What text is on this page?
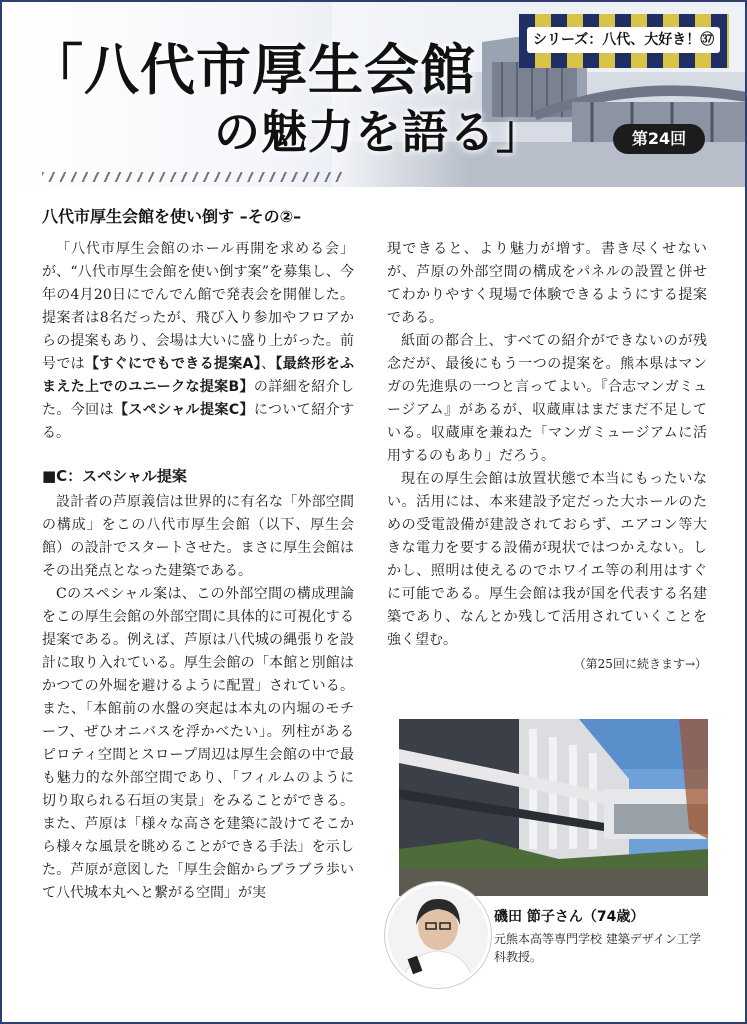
「八代市厚生会館
の魅力を語る」
シリーズ：八代、大好き！㊲
第24回
八代市厚生会館を使い倒す –その②–

「八代市厚生会館のホール再開を求める会」が、“八代市厚生会館を使い倒す案”を募集し、今年の4月20日にでんでん館で発表会を開催した。提案者は8名だったが、飛び入り参加やフロアからの提案もあり、会場は大いに盛り上がった。前号では【すぐにでもできる提案A】、【最終形をふまえた上でのユニークな提案B】の詳細を紹介した。今回は【スペシャル提案C】について紹介する。

■C：スペシャル提案

設計者の芦原義信は世界的に有名な「外部空間の構成」をこの八代市厚生会館（以下、厚生会館）の設計でスタートさせた。まさに厚生会館はその出発点となった建築である。

Cのスペシャル案は、この外部空間の構成理論をこの厚生会館の外部空間に具体的に可視化する提案である。例えば、芦原は八代城の縄張りを設計に取り入れている。厚生会館の「本館と別館はかつての外堀を避けるように配置」されている。また、「本館前の水盤の突起は本丸の内堀のモチーフ、ぜひオニバスを浮かべたい」。列柱があるピロティ空間とスロープ周辺は厚生会館の中で最も魅力的な外部空間であり、「フィルムのように切り取られる石垣の実景」をみることができる。また、芦原は「様々な高さを建築に設けてそこから様々な風景を眺めることができる手法」を示した。芦原が意図した「厚生会館からブラブラ歩いて八代城本丸へと繋がる空間」が実

現できると、より魅力が増す。書き尽くせないが、芦原の外部空間の構成をパネルの設置と併せてわかりやすく現場で体験できるようにする提案である。

紙面の都合上、すべての紹介ができないのが残念だが、最後にもう一つの提案を。熊本県はマンガの先進県の一つと言ってよい。『合志マンガミュージアム』があるが、収蔵庫はまだまだ不足している。収蔵庫を兼ねた「マンガミュージアムに活用するのもあり」だろう。

現在の厚生会館は放置状態で本当にもったいない。活用には、本来建設予定だった大ホールのための受電設備が建設されておらず、エアコン等大きな電力を要する設備が現状ではつかえない。しかし、照明は使えるのでホワイエ等の利用はすぐに可能である。厚生会館は我が国を代表する名建築であり、なんとか残して活用されていくことを強く望む。

（第25回に続きます→）
磯田 節子さん（74歳）
元熊本高等専門学校 建築デザイン工学科教授。
